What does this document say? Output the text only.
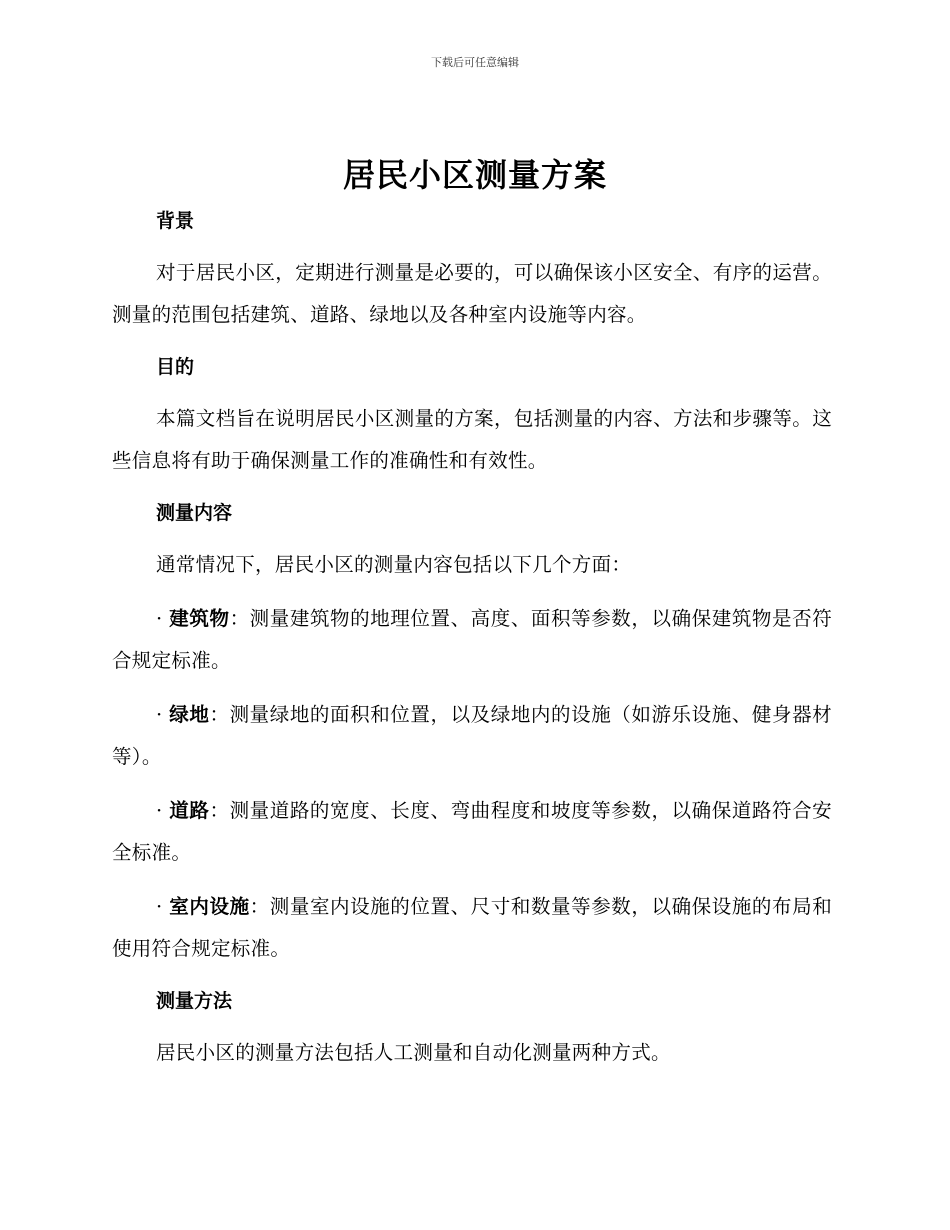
下载后可任意编辑
居民小区测量方案
背景

对于居民小区，定期进行测量是必要的，可以确保该小区安全、有序的运营。测量的范围包括建筑、道路、绿地以及各种室内设施等内容。

目的

本篇文档旨在说明居民小区测量的方案，包括测量的内容、方法和步骤等。这些信息将有助于确保测量工作的准确性和有效性。

测量内容

通常情况下，居民小区的测量内容包括以下几个方面：

· 建筑物：测量建筑物的地理位置、高度、面积等参数，以确保建筑物是否符合规定标准。

· 绿地：测量绿地的面积和位置，以及绿地内的设施（如游乐设施、健身器材等）。

· 道路：测量道路的宽度、长度、弯曲程度和坡度等参数，以确保道路符合安全标准。

· 室内设施：测量室内设施的位置、尺寸和数量等参数，以确保设施的布局和使用符合规定标准。

测量方法

居民小区的测量方法包括人工测量和自动化测量两种方式。
